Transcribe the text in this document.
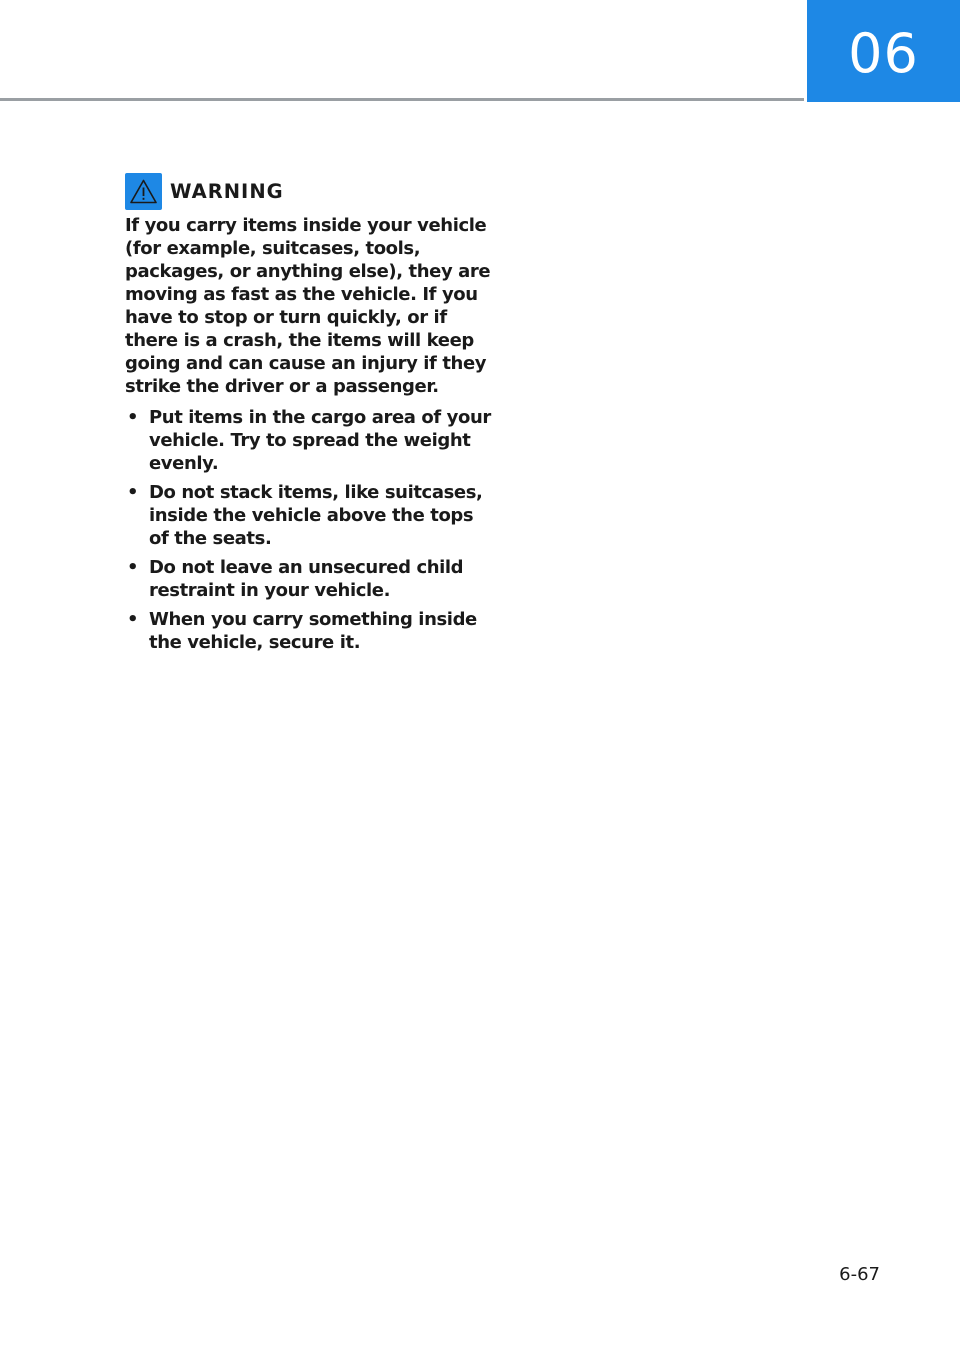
06
WARNING

If you carry items inside your vehicle (for example, suitcases, tools, packages, or anything else), they are moving as fast as the vehicle. If you have to stop or turn quickly, or if there is a crash, the items will keep going and can cause an injury if they strike the driver or a passenger.

• Put items in the cargo area of your vehicle. Try to spread the weight evenly.
• Do not stack items, like suitcases, inside the vehicle above the tops of the seats.
• Do not leave an unsecured child restraint in your vehicle.
• When you carry something inside the vehicle, secure it.
6-67
